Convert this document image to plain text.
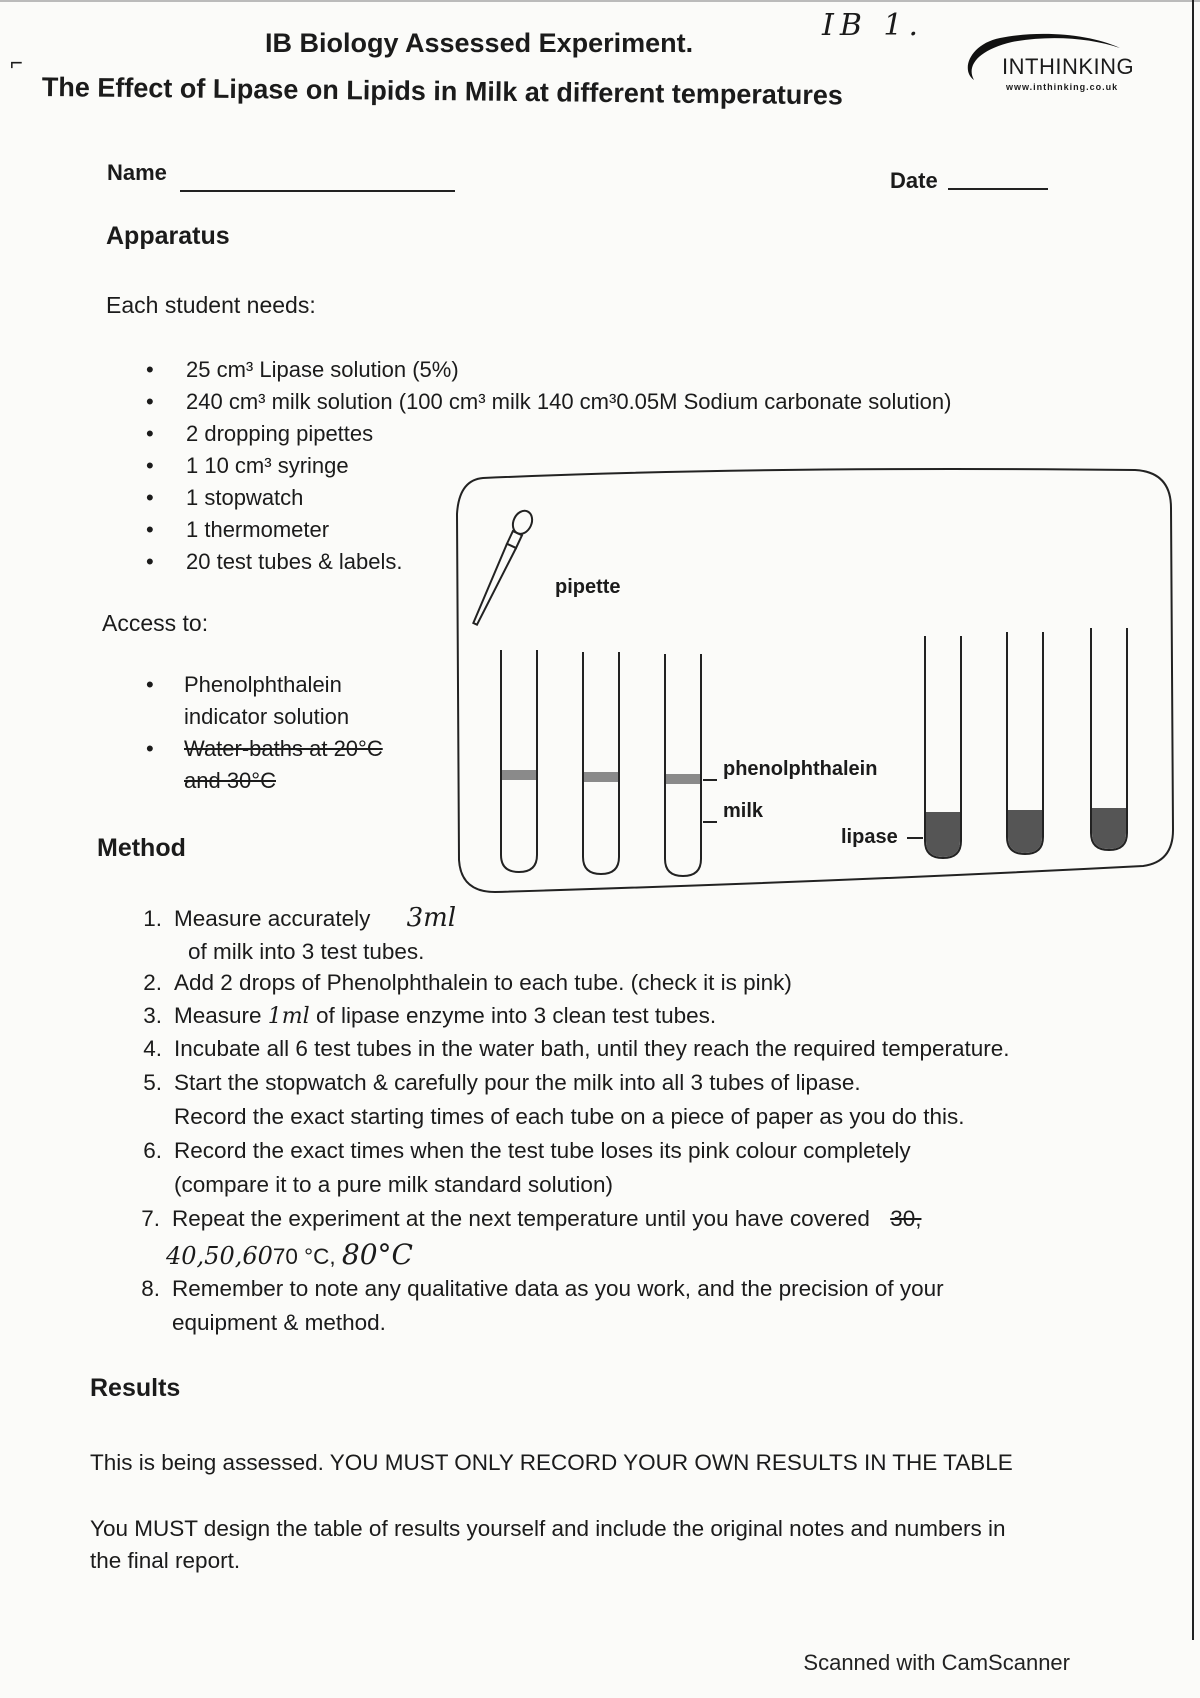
⌐
IB 1.
IB Biology Assessed Experiment.
The Effect of Lipase on Lipids in Milk at different temperatures
INTHINKING
www.inthinking.co.uk
Name	Date
Apparatus
Each student needs:
• 25 cm³ Lipase solution (5%)
• 240 cm³ milk solution (100 cm³ milk 140 cm³0.05M Sodium carbonate solution)
• 2 dropping pipettes
• 1 10 cm³ syringe
• 1 stopwatch
• 1 thermometer
• 20 test tubes & labels.
Access to:
• Phenolphthalein
indicator solution
• Water-baths at 20°C
and 30°C
pipette
phenolphthalein
milk
lipase
Method
1. Measure accurately 3ml
of milk into 3 test tubes.
2. Add 2 drops of Phenolphthalein to each tube. (check it is pink)
3. Measure 1ml of lipase enzyme into 3 clean test tubes.
4. Incubate all 6 test tubes in the water bath, until they reach the required temperature.
5. Start the stopwatch & carefully pour the milk into all 3 tubes of lipase.
Record the exact starting times of each tube on a piece of paper as you do this.
6. Record the exact times when the test tube loses its pink colour completely
(compare it to a pure milk standard solution)
7. Repeat the experiment at the next temperature until you have covered 30,
40,50,6070 °C, 80°C
8. Remember to note any qualitative data as you work, and the precision of your
equipment & method.
Results
This is being assessed. YOU MUST ONLY RECORD YOUR OWN RESULTS IN THE TABLE
You MUST design the table of results yourself and include the original notes and numbers in
the final report.
Scanned with CamScanner
